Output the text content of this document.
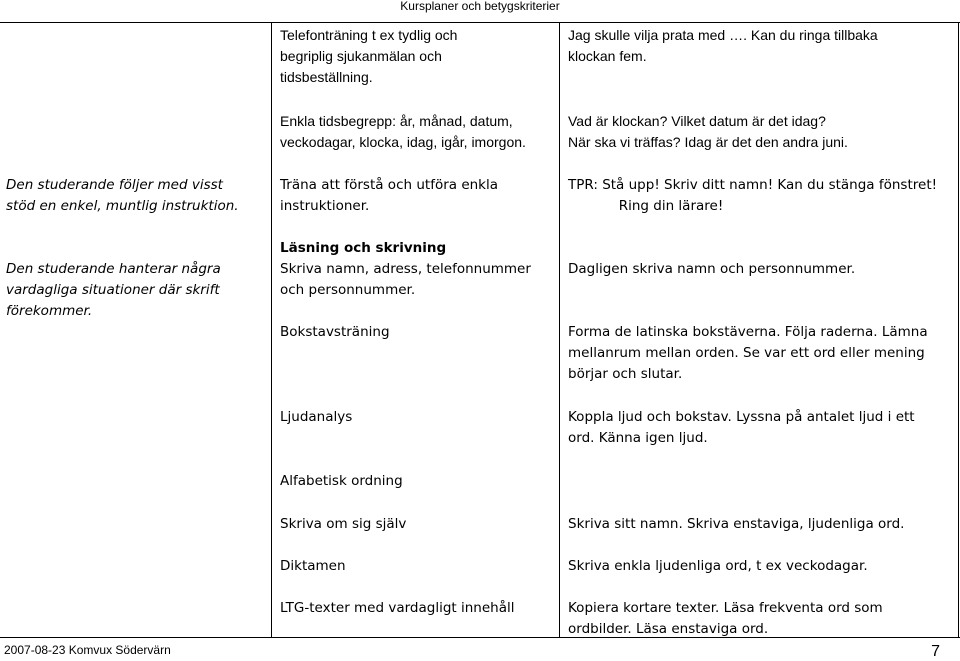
Kursplaner och betygskriterier

Den studerande följer med visst
stöd en enkel, muntlig instruktion.

Den studerande hanterar några
vardagliga situationer där skrift
förekommer.

Telefonträning t ex tydlig och
begriplig sjukanmälan och
tidsbeställning.

Enkla tidsbegrepp: år, månad, datum,
veckodagar, klocka, idag, igår, imorgon.

Träna att förstå och utföra enkla
instruktioner.

Läsning och skrivning

Skriva namn, adress, telefonnummer
och personnummer.

Bokstavsträning

Ljudanalys

Alfabetisk ordning

Skriva om sig själv

Diktamen

LTG-texter med vardagligt innehåll

Jag skulle vilja prata med …. Kan du ringa tillbaka
klockan fem.

Vad är klockan? Vilket datum är det idag?
När ska vi träffas? Idag är det den andra juni.

TPR: Stå upp! Skriv ditt namn! Kan du stänga fönstret!

Ring din lärare!

Dagligen skriva namn och personnummer.

Forma de latinska bokstäverna. Följa raderna. Lämna
mellanrum mellan orden. Se var ett ord eller mening
börjar och slutar.

Koppla ljud och bokstav. Lyssna på antalet ljud i ett
ord. Känna igen ljud.

Skriva sitt namn. Skriva enstaviga, ljudenliga ord.

Skriva enkla ljudenliga ord, t ex veckodagar.

Kopiera kortare texter. Läsa frekventa ord som
ordbilder. Läsa enstaviga ord.

2007-08-23 Komvux Södervärn	7
